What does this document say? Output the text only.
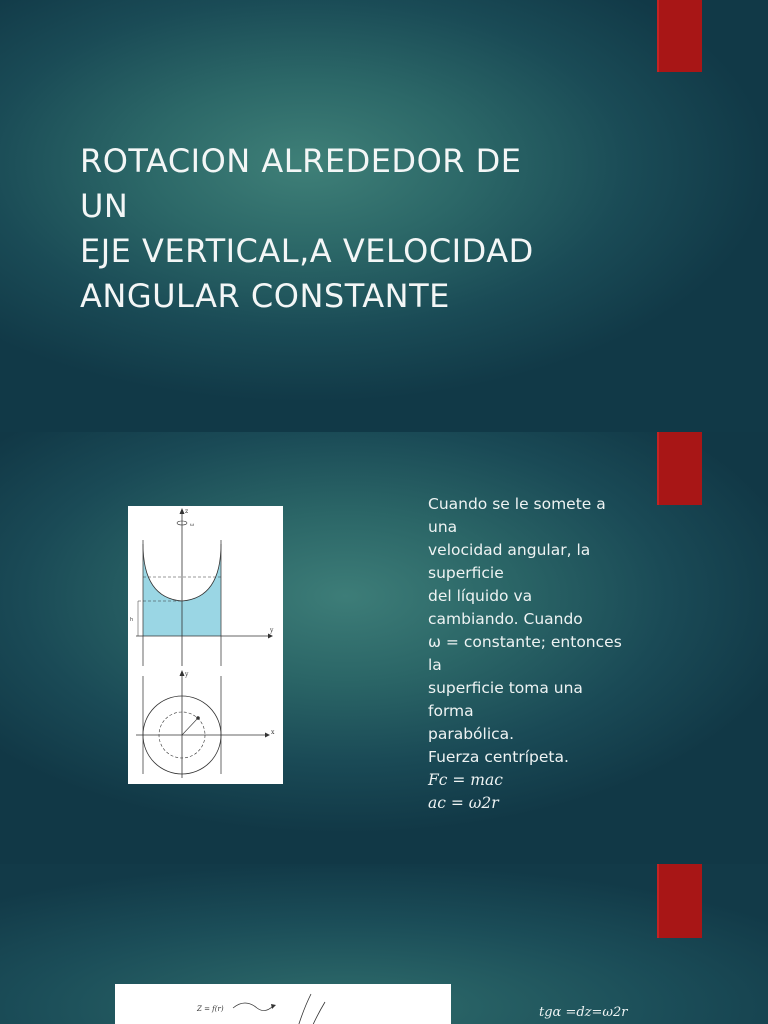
ROTACION ALREDEDOR DE
UN
EJE VERTICAL,A VELOCIDAD
ANGULAR CONSTANTE
h
z
ω
y
y
x
Cuando se le somete a
una
velocidad angular, la
superficie
del líquido va
cambiando. Cuando
ω = constante; entonces
la
superficie toma una
forma
parabólica.
Fuerza centrípeta.
Fc = mac
ac = ω2r
Z = f(r)	tgα =dz=ω2r
